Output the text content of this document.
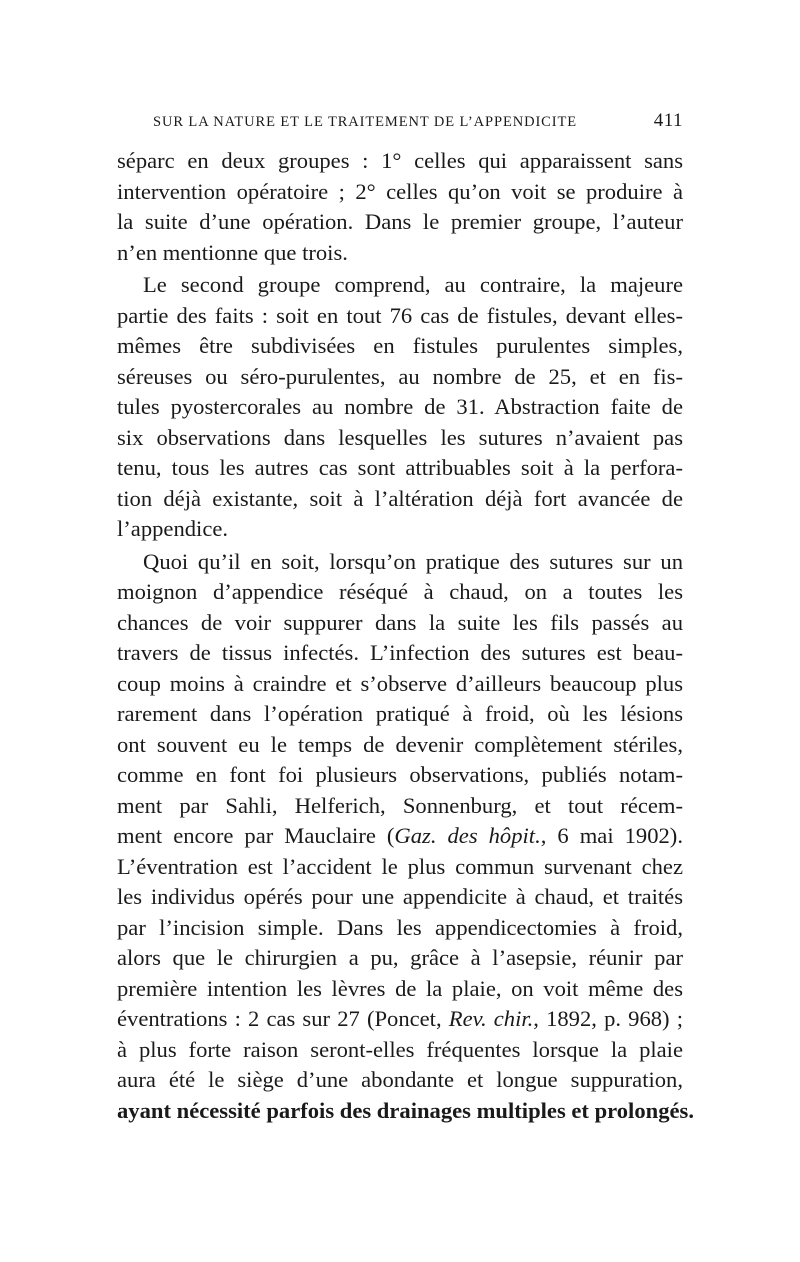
SUR LA NATURE ET LE TRAITEMENT DE L’APPENDICITE	411
séparc en deux groupes : 1° celles qui apparaissent sans
intervention opératoire ; 2° celles qu’on voit se produire à
la suite d’une opération. Dans le premier groupe, l’auteur
n’en mentionne que trois.
Le second groupe comprend, au contraire, la majeure
partie des faits : soit en tout 76 cas de fistules, devant elles-
mêmes être subdivisées en fistules purulentes simples,
séreuses ou séro-purulentes, au nombre de 25, et en fis-
tules pyostercorales au nombre de 31. Abstraction faite de
six observations dans lesquelles les sutures n’avaient pas
tenu, tous les autres cas sont attribuables soit à la perfora-
tion déjà existante, soit à l’altération déjà fort avancée de
l’appendice.
Quoi qu’il en soit, lorsqu’on pratique des sutures sur un
moignon d’appendice réséqué à chaud, on a toutes les
chances de voir suppurer dans la suite les fils passés au
travers de tissus infectés. L’infection des sutures est beau-
coup moins à craindre et s’observe d’ailleurs beaucoup plus
rarement dans l’opération pratiqué à froid, où les lésions
ont souvent eu le temps de devenir complètement stériles,
comme en font foi plusieurs observations, publiés notam-
ment par Sahli, Helferich, Sonnenburg, et tout récem-
ment encore par Mauclaire (Gaz. des hôpit., 6 mai 1902).
L’éventration est l’accident le plus commun survenant chez
les individus opérés pour une appendicite à chaud, et traités
par l’incision simple. Dans les appendicectomies à froid,
alors que le chirurgien a pu, grâce à l’asepsie, réunir par
première intention les lèvres de la plaie, on voit même des
éventrations : 2 cas sur 27 (Poncet, Rev. chir., 1892, p. 968) ;
à plus forte raison seront-elles fréquentes lorsque la plaie
aura été le siège d’une abondante et longue suppuration,
ayant nécessité parfois des drainages multiples et prolongés.
